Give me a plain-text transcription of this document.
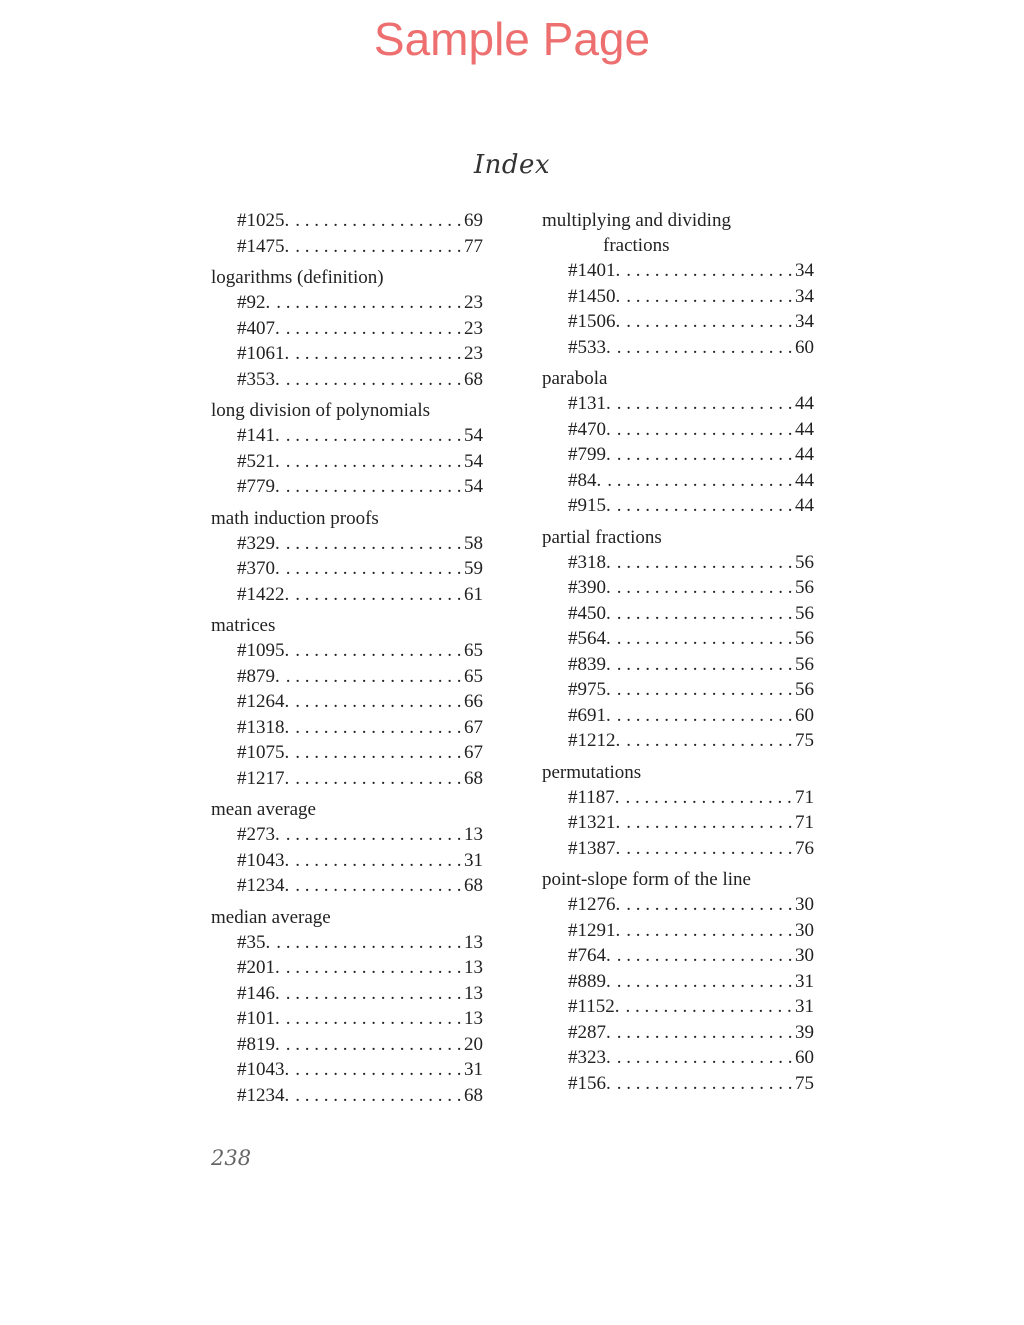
Sample Page
Index
#1025. . . .	69
#1475. . . .	77
logarithms (definition)
#92. . . .	23
#407. . . .	23
#1061. . . .	23
#353. . . .	68
long division of polynomials
#141. . . .	54
#521. . . .	54
#779. . . .	54
math induction proofs
#329. . . .	58
#370. . . .	59
#1422. . . .	61
matrices
#1095. . . .	65
#879. . . .	65
#1264. . . .	66
#1318. . . .	67
#1075. . . .	67
#1217. . . .	68
mean average
#273. . . .	13
#1043. . . .	31
#1234. . . .	68
median average
#35. . . .	13
#201. . . .	13
#146. . . .	13
#101. . . .	13
#819. . . .	20
#1043. . . .	31
#1234. . . .	68
multiplying and dividing
fractions
#1401. . . .	34
#1450. . . .	34
#1506. . . .	34
#533. . . .	60
parabola
#131. . . .	44
#470. . . .	44
#799. . . .	44
#84. . . .	44
#915. . . .	44
partial fractions
#318. . . .	56
#390. . . .	56
#450. . . .	56
#564. . . .	56
#839. . . .	56
#975. . . .	56
#691. . . .	60
#1212. . . .	75
permutations
#1187. . . .	71
#1321. . . .	71
#1387. . . .	76
point-slope form of the line
#1276. . . .	30
#1291. . . .	30
#764. . . .	30
#889. . . .	31
#1152. . . .	31
#287. . . .	39
#323. . . .	60
#156. . . .	75
238
